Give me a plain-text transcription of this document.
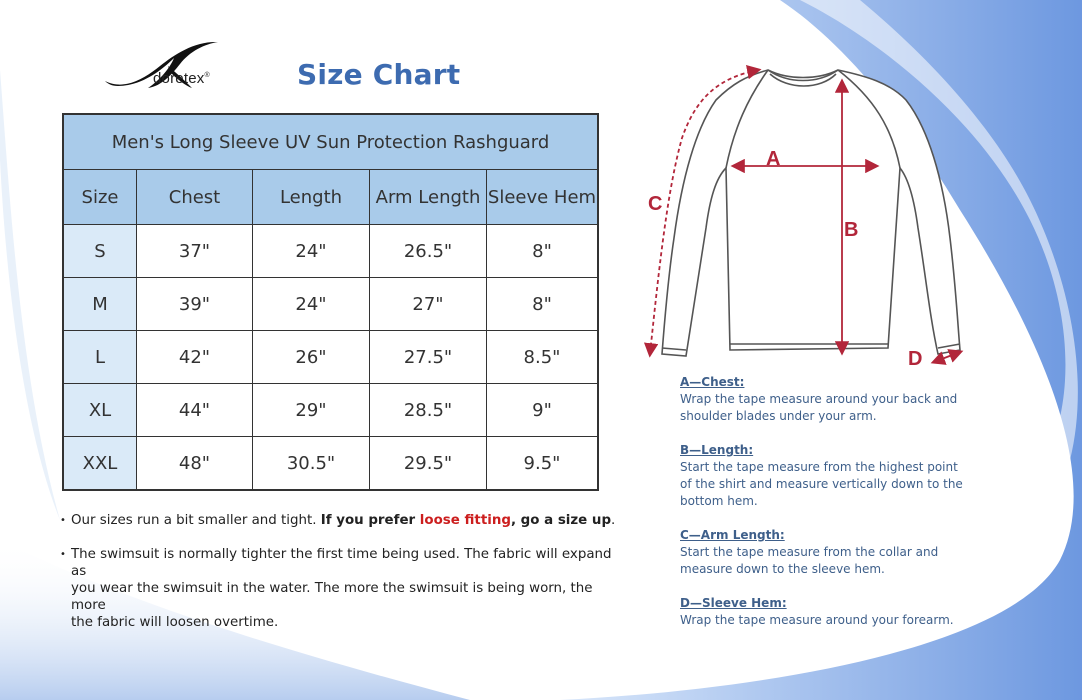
doretex®	Size Chart
Men's Long Sleeve UV Sun Protection Rashguard				
Size	Chest	Length	Arm Length	Sleeve Hem
S	37"	24"	26.5"	8"
M	39"	24"	27"	8"
L	42"	26"	27.5"	8.5"
XL	44"	29"	28.5"	9"
XXL	48"	30.5"	29.5"	9.5"
• Our sizes run a bit smaller and tight. If you prefer loose fitting, go a size up.
• The swimsuit is normally tighter the first time being used. The fabric will expand as
you wear the swimsuit in the water. The more the swimsuit is being worn, the more
the fabric will loosen overtime.
A
B
C
D
A—Chest:
Wrap the tape measure around your back and
shoulder blades under your arm.
B—Length:
Start the tape measure from the highest point
of the shirt and measure vertically down to the
bottom hem.
C—Arm Length:
Start the tape measure from the collar and
measure down to the sleeve hem.
D—Sleeve Hem:
Wrap the tape measure around your forearm.
